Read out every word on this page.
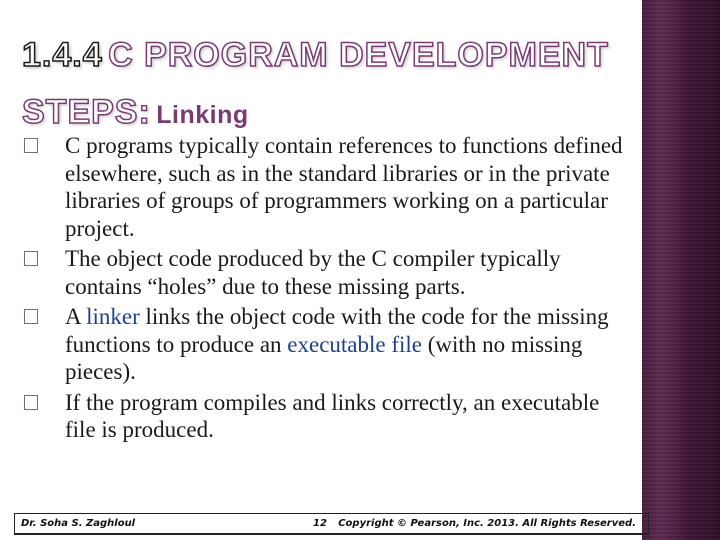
1.4.4 C PROGRAM DEVELOPMENT
STEPS: Linking
C programs typically contain references to functions defined elsewhere, such as in the standard libraries or in the private libraries of groups of programmers working on a particular project.
The object code produced by the C compiler typically contains “holes” due to these missing parts.
A linker links the object code with the code for the missing functions to produce an executable file (with no missing pieces).
If the program compiles and links correctly, an executable file is produced.
Dr. Soha S. Zaghloul	12 Copyright © Pearson, Inc. 2013. All Rights Reserved.
